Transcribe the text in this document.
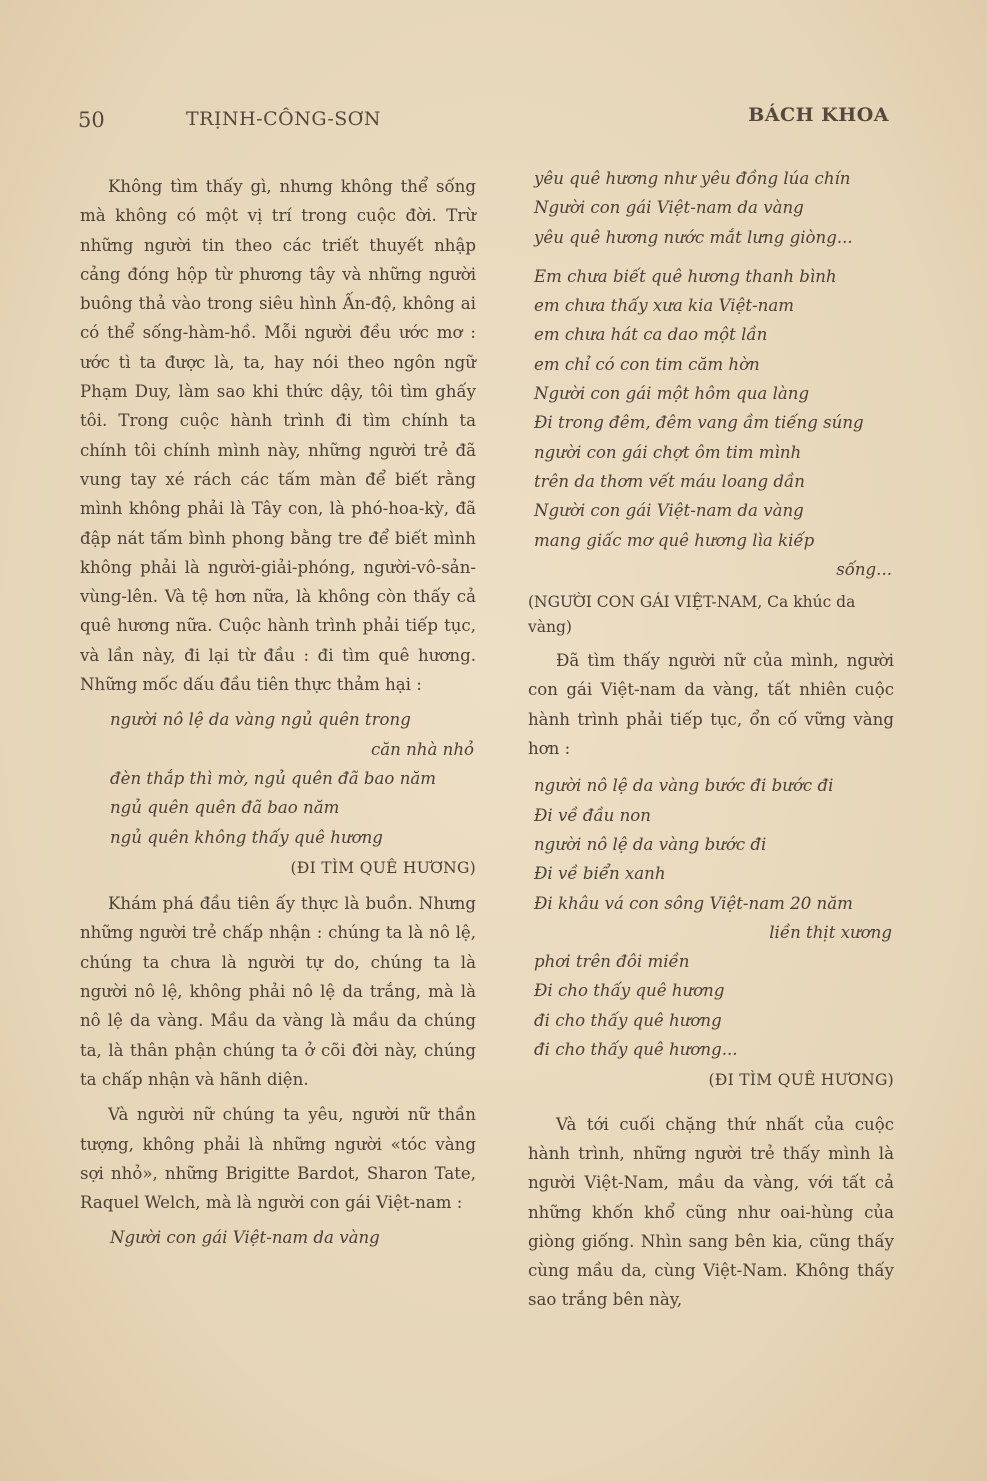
50	TRỊNH-CÔNG-SƠN	BÁCH KHOA

Không tìm thấy gì, nhưng không thể sống mà không có một vị trí trong cuộc đời. Trừ những người tin theo các triết thuyết nhập cảng đóng hộp từ phương tây và những người buông thả vào trong siêu hình Ấn-độ, không ai có thể sống-hàm-hồ. Mỗi người đều ước mơ : ước tì ta được là, ta, hay nói theo ngôn ngữ Phạm Duy, làm sao khi thức dậy, tôi tìm ghấy tôi. Trong cuộc hành trình đi tìm chính ta chính tôi chính mình này, những người trẻ đã vung tay xé rách các tấm màn để biết rằng mình không phải là Tây con, là phó-hoa-kỳ, đã đập nát tấm bình phong bằng tre để biết mình không phải là người-giải-phóng, người-vô-sản-vùng-lên. Và tệ hơn nữa, là không còn thấy cả quê hương nữa. Cuộc hành trình phải tiếp tục, và lần này, đi lại từ đầu : đi tìm quê hương. Những mốc dấu đầu tiên thực thảm hại :

người nô lệ da vàng ngủ quên trong
căn nhà nhỏ
đèn thắp thì mờ, ngủ quên đã bao năm
ngủ quên quên đã bao năm
ngủ quên không thấy quê hương
(ĐI TÌM QUÊ HƯƠNG)

Khám phá đầu tiên ấy thực là buồn. Nhưng những người trẻ chấp nhận : chúng ta là nô lệ, chúng ta chưa là người tự do, chúng ta là người nô lệ, không phải nô lệ da trắng, mà là nô lệ da vàng. Mầu da vàng là mầu da chúng ta, là thân phận chúng ta ở cõi đời này, chúng ta chấp nhận và hãnh diện.

Và người nữ chúng ta yêu, người nữ thần tượng, không phải là những người «tóc vàng sợi nhỏ», những Brigitte Bardot, Sharon Tate, Raquel Welch, mà là người con gái Việt-nam :

Người con gái Việt-nam da vàng
yêu quê hương như yêu đồng lúa chín
Người con gái Việt-nam da vàng
yêu quê hương nước mắt lưng giòng...
Em chưa biết quê hương thanh bình
em chưa thấy xưa kia Việt-nam
em chưa hát ca dao một lần
em chỉ có con tim căm hờn
Người con gái một hôm qua làng
Đi trong đêm, đêm vang ầm tiếng súng
người con gái chợt ôm tim mình
trên da thơm vết máu loang dần
Người con gái Việt-nam da vàng
mang giấc mơ quê hương lìa kiếp
sống...
(NGƯỜI CON GÁI VIỆT-NAM, Ca khúc da vàng)

Đã tìm thấy người nữ của mình, người con gái Việt-nam da vàng, tất nhiên cuộc hành trình phải tiếp tục, ổn cố vững vàng hơn :

người nô lệ da vàng bước đi bước đi
Đi về đầu non
người nô lệ da vàng bước đi
Đi về biển xanh
Đi khâu vá con sông Việt-nam 20 năm
liền thịt xương
phơi trên đôi miền
Đi cho thấy quê hương
đi cho thấy quê hương
đi cho thấy quê hương...
(ĐI TÌM QUÊ HƯƠNG)

Và tới cuối chặng thứ nhất của cuộc hành trình, những người trẻ thấy mình là người Việt-Nam, mầu da vàng, với tất cả những khốn khổ cũng như oai-hùng của giòng giống. Nhìn sang bên kia, cũng thấy cùng mầu da, cùng Việt-Nam. Không thấy sao trắng bên này,
